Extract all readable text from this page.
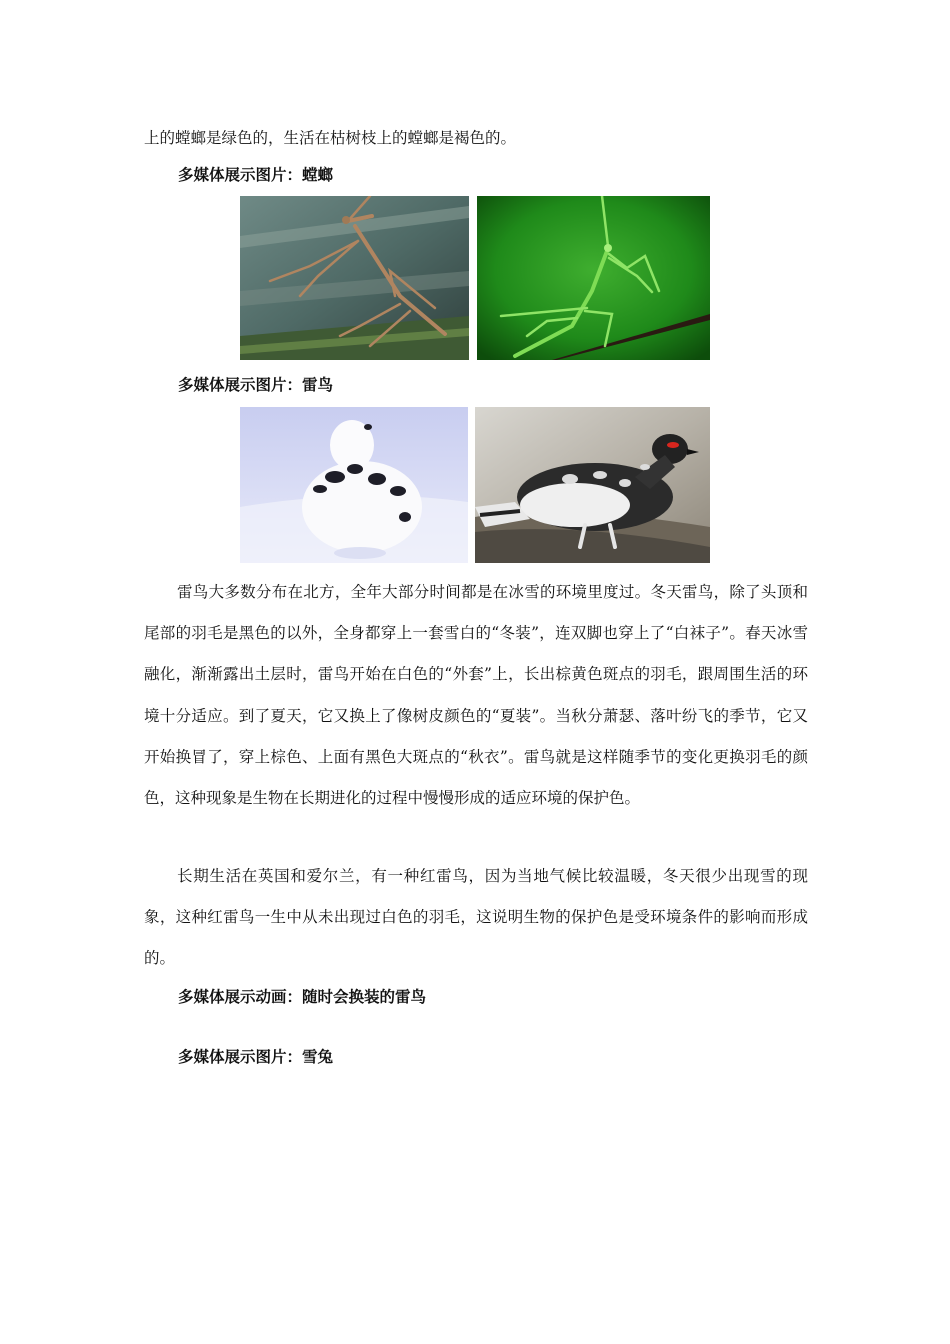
上的螳螂是绿色的，生活在枯树枝上的螳螂是褐色的。
多媒体展示图片：螳螂
多媒体展示图片：雷鸟

雷鸟大多数分布在北方，全年大部分时间都是在冰雪的环境里度过。冬天雷鸟，除了头顶和尾部的羽毛是黑色的以外，全身都穿上一套雪白的“冬装”，连双脚也穿上了“白袜子”。春天冰雪融化，渐渐露出土层时，雷鸟开始在白色的“外套”上，长出棕黄色斑点的羽毛，跟周围生活的环境十分适应。到了夏天，它又换上了像树皮颜色的“夏装”。当秋分萧瑟、落叶纷飞的季节，它又开始换冒了，穿上棕色、上面有黑色大斑点的“秋衣”。雷鸟就是这样随季节的变化更换羽毛的颜色，这种现象是生物在长期进化的过程中慢慢形成的适应环境的保护色。

长期生活在英国和爱尔兰，有一种红雷鸟，因为当地气候比较温暖，冬天很少出现雪的现象，这种红雷鸟一生中从未出现过白色的羽毛，这说明生物的保护色是受环境条件的影响而形成的。

多媒体展示动画：随时会换装的雷鸟
多媒体展示图片：雪兔
